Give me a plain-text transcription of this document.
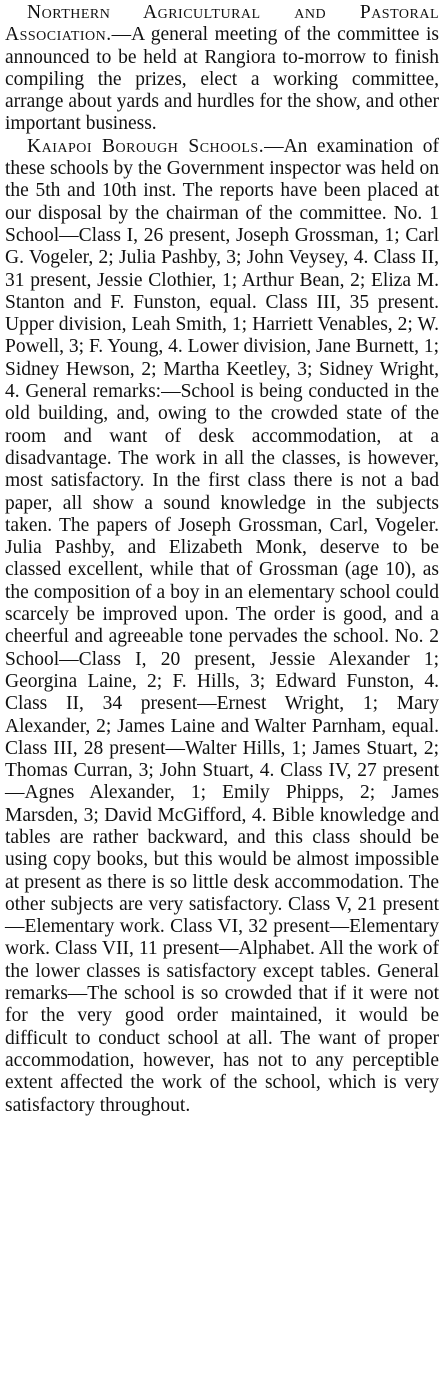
Northern Agricultural and Pastoral Association.—A general meeting of the committee is announced to be held at Rangiora to-morrow to finish compiling the prizes, elect a working committee, arrange about yards and hurdles for the show, and other important business.

Kaiapoi Borough Schools.—An examination of these schools by the Government inspector was held on the 5th and 10th inst. The reports have been placed at our disposal by the chairman of the committee. No. 1 School—Class I, 26 present, Joseph Grossman, 1; Carl G. Vogeler, 2; Julia Pashby, 3; John Veysey, 4. Class II, 31 present, Jessie Clothier, 1; Arthur Bean, 2; Eliza M. Stanton and F. Funston, equal. Class III, 35 present. Upper division, Leah Smith, 1; Harriett Venables, 2; W. Powell, 3; F. Young, 4. Lower division, Jane Burnett, 1; Sidney Hewson, 2; Martha Keetley, 3; Sidney Wright, 4. General remarks:—School is being conducted in the old building, and, owing to the crowded state of the room and want of desk accommodation, at a disadvantage. The work in all the classes, is however, most satisfactory. In the first class there is not a bad paper, all show a sound knowledge in the subjects taken. The papers of Joseph Grossman, Carl, Vogeler. Julia Pashby, and Elizabeth Monk, deserve to be classed excellent, while that of Grossman (age 10), as the composition of a boy in an elementary school could scarcely be improved upon. The order is good, and a cheerful and agreeable tone pervades the school. No. 2 School—Class I, 20 present, Jessie Alexander 1; Georgina Laine, 2; F. Hills, 3; Edward Funston, 4. Class II, 34 present—Ernest Wright, 1; Mary Alexander, 2; James Laine and Walter Parnham, equal. Class III, 28 present—Walter Hills, 1; James Stuart, 2; Thomas Curran, 3; John Stuart, 4. Class IV, 27 present—Agnes Alexander, 1; Emily Phipps, 2; James Marsden, 3; David McGifford, 4. Bible knowledge and tables are rather backward, and this class should be using copy books, but this would be almost impossible at present as there is so little desk accommodation. The other subjects are very satisfactory. Class V, 21 present—Elementary work. Class VI, 32 present—Elementary work. Class VII, 11 present—Alphabet. All the work of the lower classes is satisfactory except tables. General remarks—The school is so crowded that if it were not for the very good order maintained, it would be difficult to conduct school at all. The want of proper accommodation, however, has not to any perceptible extent affected the work of the school, which is very satisfactory throughout.
